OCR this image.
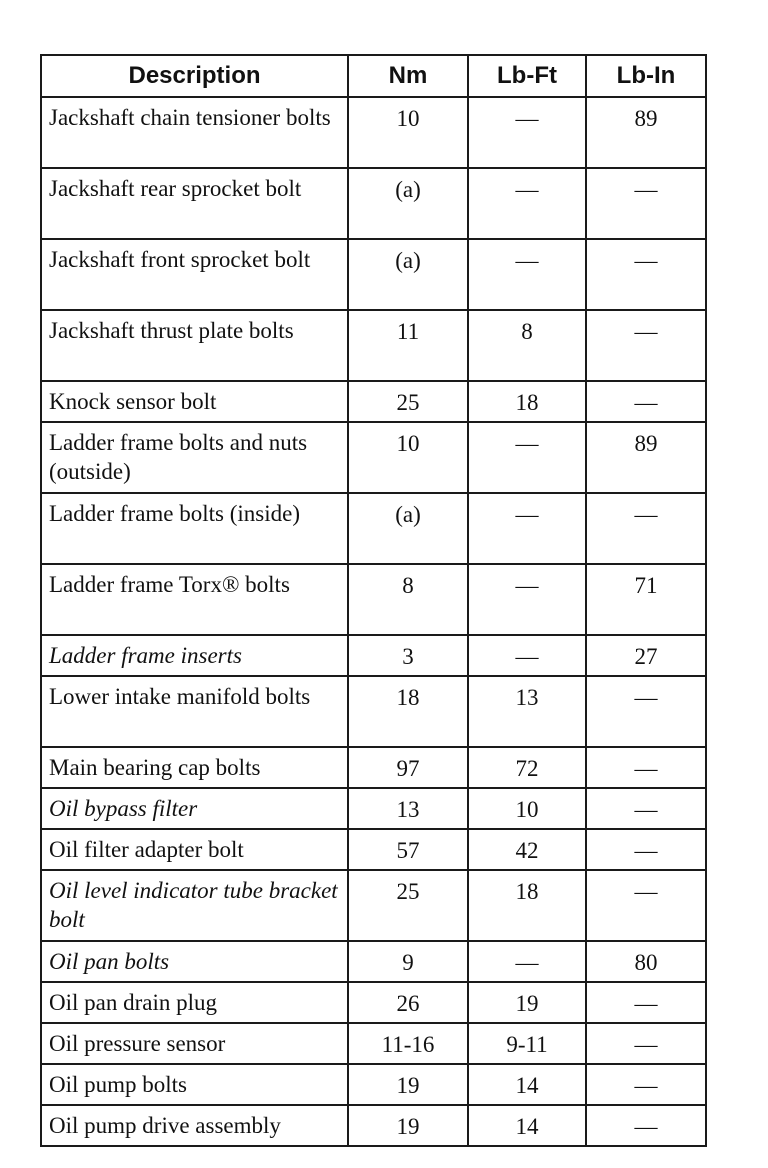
Description	Nm	Lb-Ft	Lb-In
Jackshaft chain tensioner bolts	10	—	89
Jackshaft rear sprocket bolt	(a)	—	—
Jackshaft front sprocket bolt	(a)	—	—
Jackshaft thrust plate bolts	11	8	—
Knock sensor bolt	25	18	—
Ladder frame bolts and nuts (outside)	10	—	89
Ladder frame bolts (inside)	(a)	—	—
Ladder frame Torx® bolts	8	—	71
Ladder frame inserts	3	—	27
Lower intake manifold bolts	18	13	—
Main bearing cap bolts	97	72	—
Oil bypass filter	13	10	—
Oil filter adapter bolt	57	42	—
Oil level indicator tube bracket bolt	25	18	—
Oil pan bolts	9	—	80
Oil pan drain plug	26	19	—
Oil pressure sensor	11-16	9-11	—
Oil pump bolts	19	14	—
Oil pump drive assembly	19	14	—
